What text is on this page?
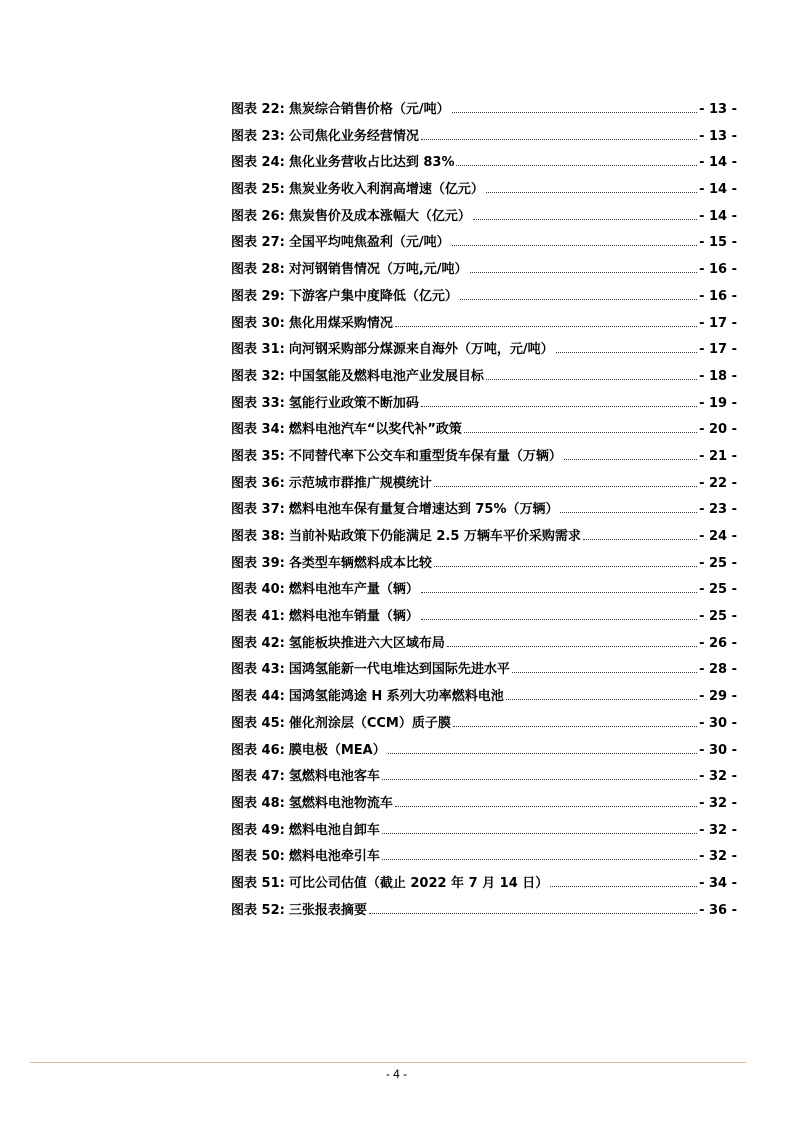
图表 22: 焦炭综合销售价格（元/吨）	- 13 -
图表 23: 公司焦化业务经营情况	- 13 -
图表 24: 焦化业务营收占比达到 83%	- 14 -
图表 25: 焦炭业务收入利润高增速（亿元）	- 14 -
图表 26: 焦炭售价及成本涨幅大（亿元）	- 14 -
图表 27: 全国平均吨焦盈利（元/吨）	- 15 -
图表 28: 对河钢销售情况（万吨,元/吨）	- 16 -
图表 29: 下游客户集中度降低（亿元）	- 16 -
图表 30: 焦化用煤采购情况	- 17 -
图表 31: 向河钢采购部分煤源来自海外（万吨，元/吨）	- 17 -
图表 32: 中国氢能及燃料电池产业发展目标	- 18 -
图表 33: 氢能行业政策不断加码	- 19 -
图表 34: 燃料电池汽车“以奖代补”政策	- 20 -
图表 35: 不同替代率下公交车和重型货车保有量（万辆）	- 21 -
图表 36: 示范城市群推广规模统计	- 22 -
图表 37: 燃料电池车保有量复合增速达到 75%（万辆）	- 23 -
图表 38: 当前补贴政策下仍能满足 2.5 万辆车平价采购需求	- 24 -
图表 39: 各类型车辆燃料成本比较	- 25 -
图表 40: 燃料电池车产量（辆）	- 25 -
图表 41: 燃料电池车销量（辆）	- 25 -
图表 42: 氢能板块推进六大区域布局	- 26 -
图表 43: 国鸿氢能新一代电堆达到国际先进水平	- 28 -
图表 44: 国鸿氢能鸿途 H 系列大功率燃料电池	- 29 -
图表 45: 催化剂涂层（CCM）质子膜	- 30 -
图表 46: 膜电极（MEA）	- 30 -
图表 47: 氢燃料电池客车	- 32 -
图表 48: 氢燃料电池物流车	- 32 -
图表 49: 燃料电池自卸车	- 32 -
图表 50: 燃料电池牵引车	- 32 -
图表 51: 可比公司估值（截止 2022 年 7 月 14 日）	- 34 -
图表 52: 三张报表摘要	- 36 -
- 4 -
